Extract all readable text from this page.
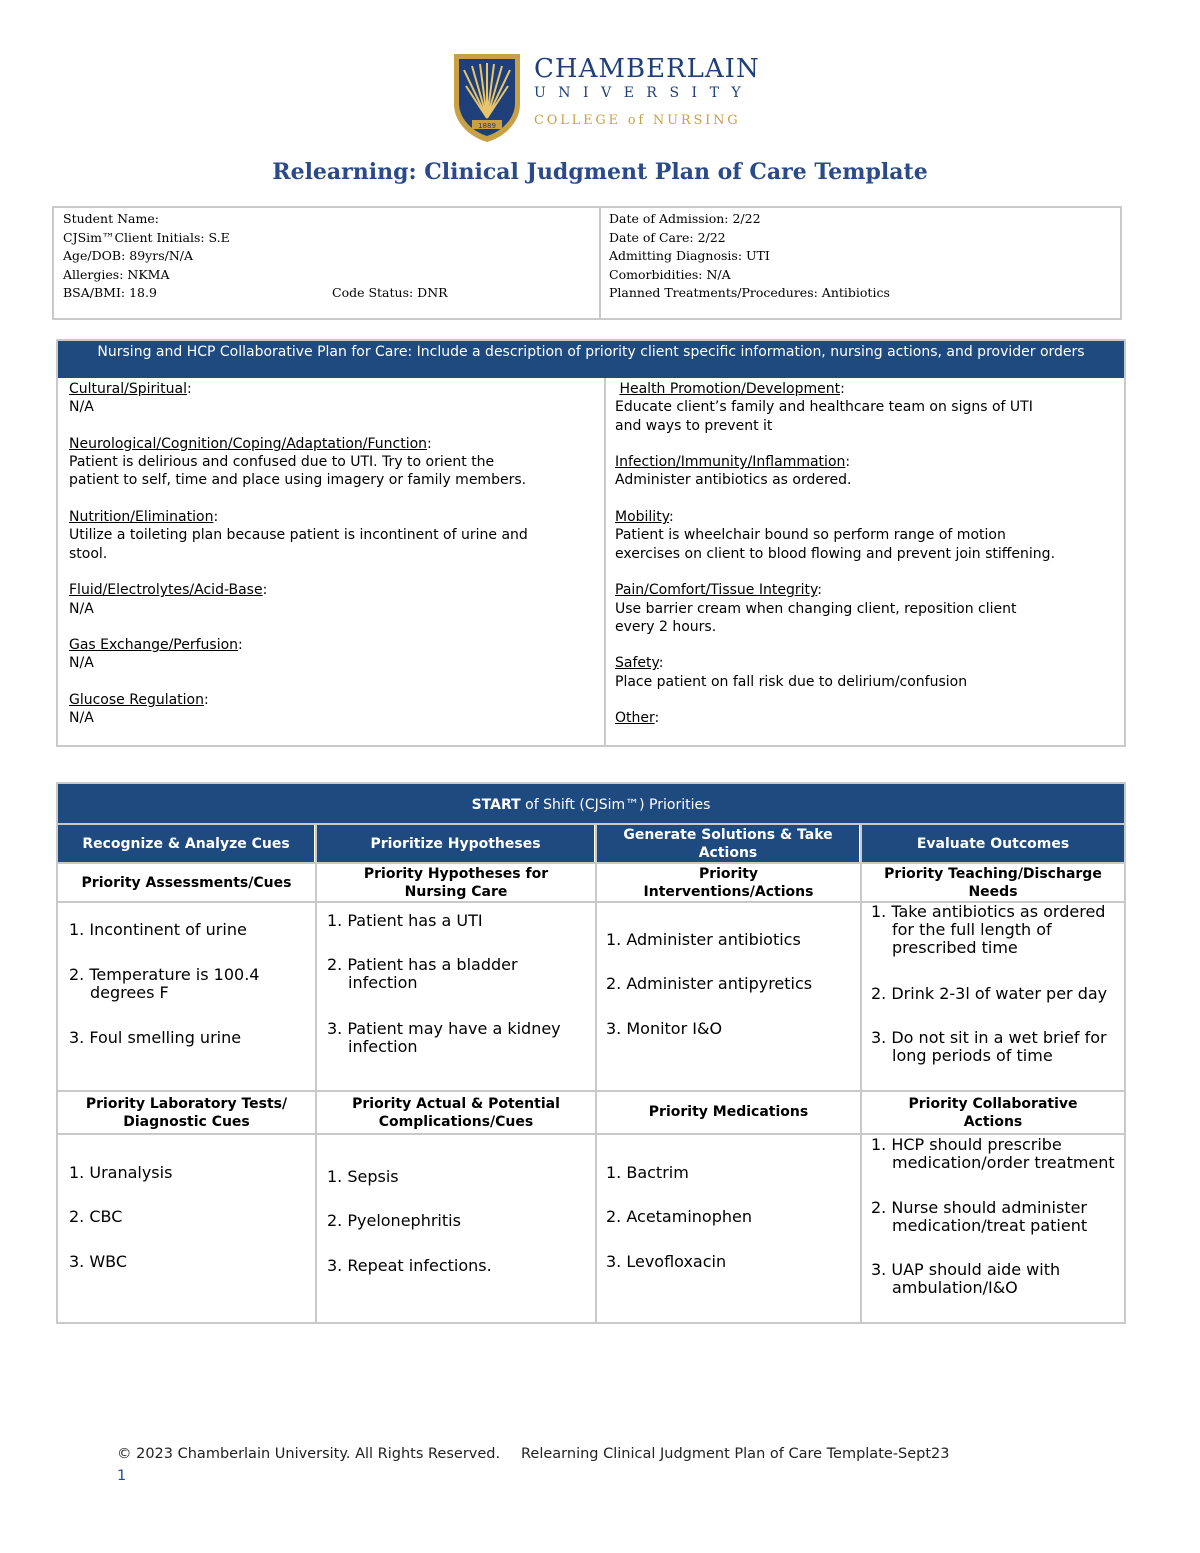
1889
CHAMBERLAIN
UNIVERSITY
COLLEGE of NURSING
Relearning: Clinical Judgment Plan of Care Template
Student Name:
CJSim™Client Initials: S.E
Age/DOB: 89yrs/N/A
Allergies: NKMA
BSA/BMI: 18.9	Code Status: DNR
Date of Admission: 2/22
Date of Care: 2/22
Admitting Diagnosis: UTI
Comorbidities: N/A
Planned Treatments/Procedures: Antibiotics
Nursing and HCP Collaborative Plan for Care: Include a description of priority client specific information, nursing actions, and provider orders
Cultural/Spiritual:
N/A
Neurological/Cognition/Coping/Adaptation/Function:
Patient is delirious and confused due to UTI. Try to orient the
patient to self, time and place using imagery or family members.
Nutrition/Elimination:
Utilize a toileting plan because patient is incontinent of urine and
stool.
Fluid/Electrolytes/Acid-Base:
N/A
Gas Exchange/Perfusion:
N/A
Glucose Regulation:
N/A
Health Promotion/Development:
Educate client’s family and healthcare team on signs of UTI
and ways to prevent it
Infection/Immunity/Inflammation:
Administer antibiotics as ordered.
Mobility:
Patient is wheelchair bound so perform range of motion
exercises on client to blood flowing and prevent join stiffening.
Pain/Comfort/Tissue Integrity:
Use barrier cream when changing client, reposition client
every 2 hours.
Safety:
Place patient on fall risk due to delirium/confusion
Other:
START of Shift (CJSim™) Priorities
Recognize & Analyze Cues	Prioritize Hypotheses
Generate Solutions & Take Actions
Evaluate Outcomes
Priority Assessments/Cues
Priority Hypotheses for Nursing Care
Priority Interventions/Actions
Priority Teaching/Discharge Needs
Priority Laboratory Tests/ Diagnostic Cues
Priority Actual & Potential Complications/Cues
Priority Medications
Priority Collaborative Actions
1. Incontinent of urine
2. Temperature is 100.4
degrees F
3. Foul smelling urine
1. Patient has a UTI
2. Patient has a bladder
infection
3. Patient may have a kidney
infection
1. Administer antibiotics
2. Administer antipyretics
3. Monitor I&O
1. Take antibiotics as ordered
for the full length of
prescribed time
2. Drink 2-3l of water per day
3. Do not sit in a wet brief for
long periods of time
1. Uranalysis
2. CBC
3. WBC
1. Sepsis
2. Pyelonephritis
3. Repeat infections.
1. Bactrim
2. Acetaminophen
3. Levofloxacin
1. HCP should prescribe
medication/order treatment
2. Nurse should administer
medication/treat patient
3. UAP should aide with
ambulation/I&O
© 2023 Chamberlain University. All Rights Reserved. Relearning Clinical Judgment Plan of Care Template-Sept23
1
